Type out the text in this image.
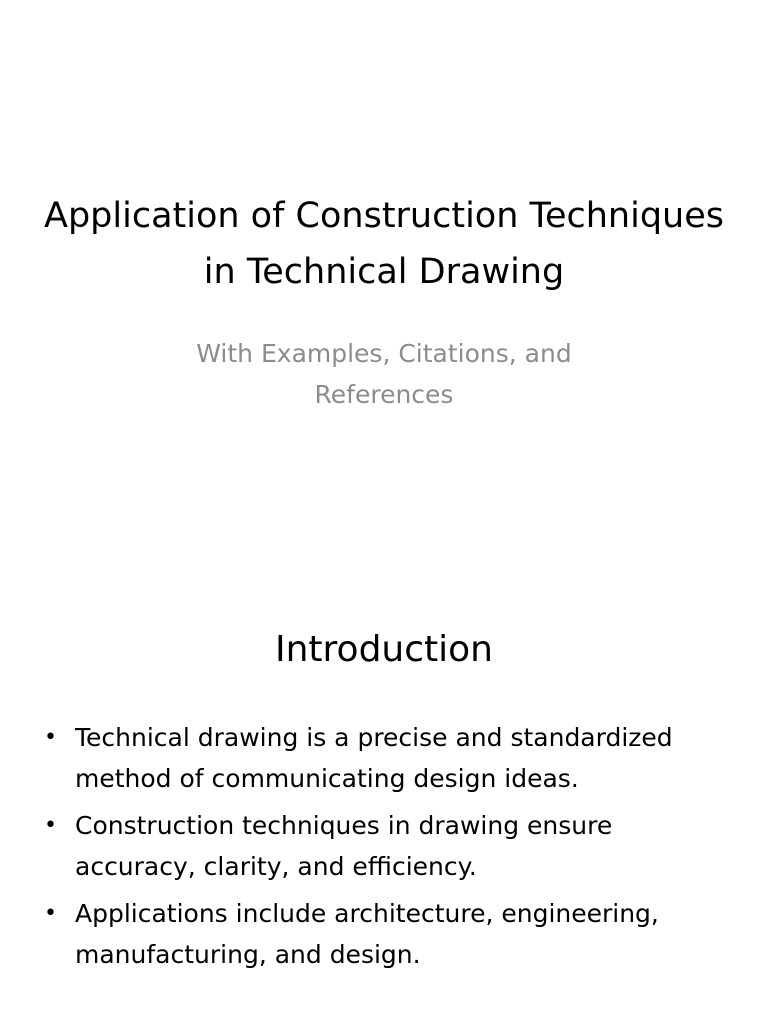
Application of Construction Techniques in Technical Drawing
With Examples, Citations, and References
Introduction
• Technical drawing is a precise and standardized method of communicating design ideas.
• Construction techniques in drawing ensure accuracy, clarity, and efficiency.
• Applications include architecture, engineering, manufacturing, and design.
